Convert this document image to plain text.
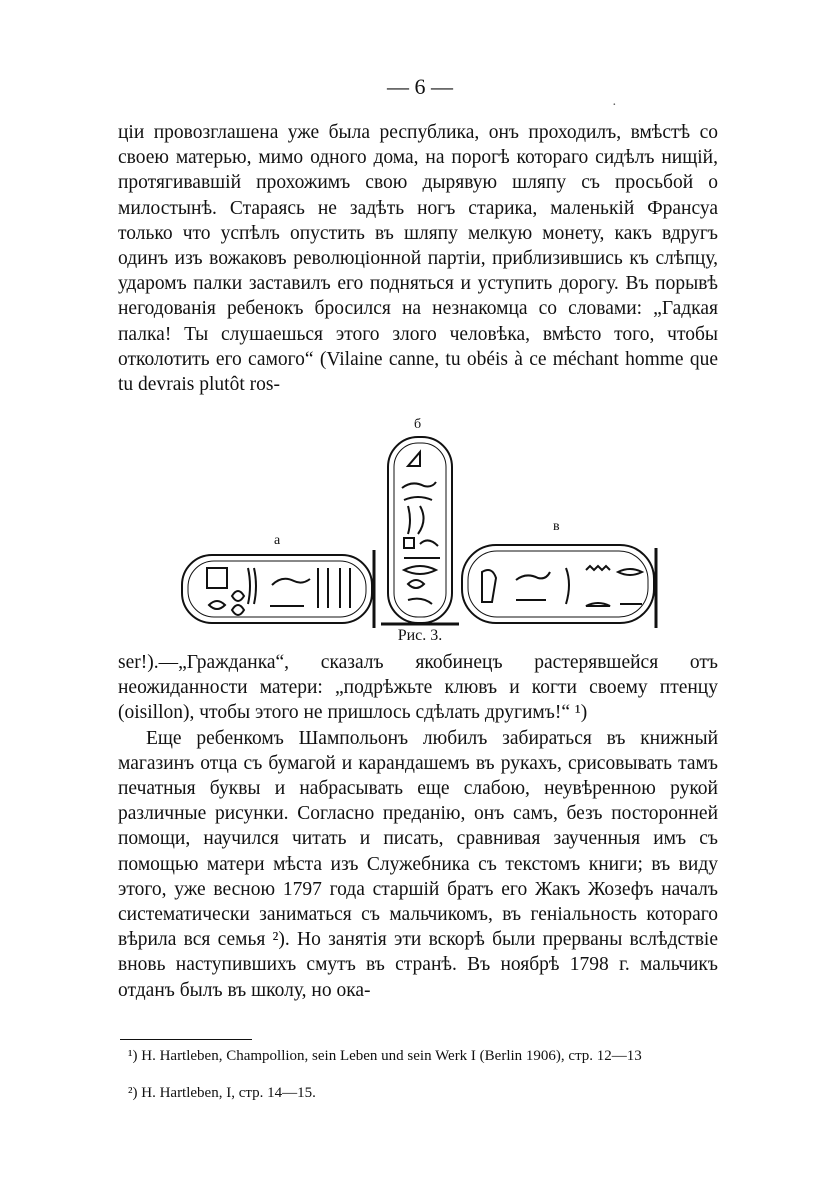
— 6 —
·

ціи провозглашена уже была республика, онъ проходилъ, вмѣстѣ со своею матерью, мимо одного дома, на порогѣ котораго сидѣлъ нищій, протягивавшій прохожимъ свою дырявую шляпу съ просьбой о милостынѣ. Стараясь не задѣть ногъ старика, маленькій Франсуа только что успѣлъ опустить въ шляпу мелкую монету, какъ вдругъ одинъ изъ вожаковъ революціонной партіи, приблизившись къ слѣпцу, ударомъ палки заставилъ его подняться и уступить дорогу. Въ порывѣ негодованія ребенокъ бросился на незнакомца со словами: „Гадкая палка! Ты слушаешься этого злого человѣка, вмѣсто того, чтобы отколотить его самого“ (Vilaine canne, tu obéis à ce méchant homme que tu devrais plutôt ros-

б
а
в
Рис. 3.

ser!).—„Гражданка“, сказалъ якобинецъ растерявшейся отъ неожиданности матери: „подрѣжьте клювъ и когти своему птенцу (oisillon), чтобы этого не пришлось сдѣлать другимъ!“ ¹)

Еще ребенкомъ Шампольонъ любилъ забираться въ книжный магазинъ отца съ бумагой и карандашемъ въ рукахъ, срисовывать тамъ печатныя буквы и набрасывать еще слабою, неувѣренною рукой различные рисунки. Согласно преданію, онъ самъ, безъ посторонней помощи, научился читать и писать, сравнивая заученныя имъ съ помощью матери мѣста изъ Служебника съ текстомъ книги; въ виду этого, уже весною 1797 года старшій братъ его Жакъ Жозефъ началъ систематически заниматься съ мальчикомъ, въ геніальность котораго вѣрила вся семья ²). Но занятія эти вскорѣ были прерваны вслѣдствіе вновь наступившихъ смутъ въ странѣ. Въ ноябрѣ 1798 г. мальчикъ отданъ былъ въ школу, но ока-

¹) H. Hartleben, Champollion, sein Leben und sein Werk I (Berlin 1906), стр. 12—13
²) H. Hartleben, I, стр. 14—15.
